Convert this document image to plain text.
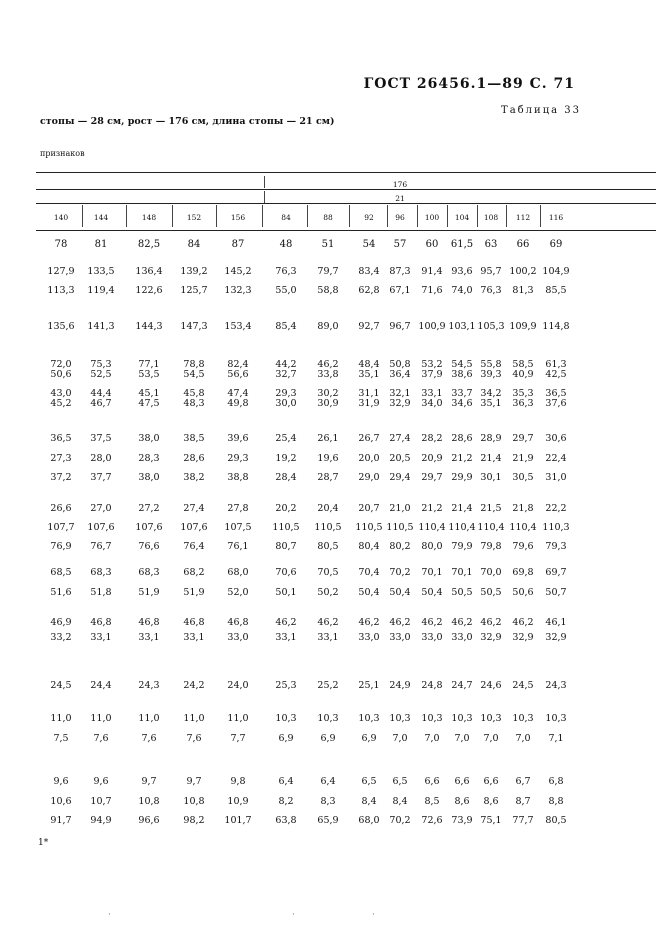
ГОСТ 26456.1—89 С. 71
Таблица 33
стопы — 28 см, рост — 176 см, длина стопы — 21 см)
признаков
176
21
140	144	148	152	156	84	88	92	96	100 104 108 112 116
78	81	82,5	84	87	48	51	54 57 60 61,5 63 66 69
127,9 133,5 136,4 139,2 145,2	76,3 79,7 83,4 87,3 91,4 93,6 95,7 100,2 104,9
113,3 119,4 122,6 125,7 132,3	55,0 58,8 62,8 67,1 71,6 74,0 76,3 81,3 85,5
135,6 141,3 144,3 147,3 153,4	85,4 89,0 92,7 96,7 100,9 103,1 105,3 109,9 114,8
72,0 75,3	77,1	78,8 82,4	44,2 46,2 48,4 50,8 53,2 54,5 55,8 58,5 61,3
50,6 52,5	53,5	54,5 56,6	32,7 33,8 35,1 36,4 37,9 38,6 39,3 40,9 42,5
43,0 44,4	45,1	45,8 47,4	29,3 30,2 31,1 32,1 33,1 33,7 34,2 35,3 36,5
45,2 46,7	47,5	48,3 49,8	30,0 30,9 31,9 32,9 34,0 34,6 35,1 36,3 37,6
36,5 37,5	38,0	38,5 39,6	25,4 26,1 26,7 27,4 28,2 28,6 28,9 29,7 30,6
27,3 28,0	28,3	28,6 29,3	19,2 19,6 20,0 20,5 20,9 21,2 21,4 21,9 22,4
37,2 37,7	38,0	38,2 38,8	28,4 28,7 29,0 29,4 29,7 29,9 30,1 30,5 31,0
26,6 27,0	27,2	27,4 27,8	20,2 20,4 20,7 21,0 21,2 21,4 21,5 21,8 22,2
107,7 107,6 107,6 107,6 107,5 110,5 110,5 110,5 110,5 110,4 110,4 110,4 110,4 110,3
76,9 76,7	76,6	76,4 76,1	80,7 80,5 80,4 80,2 80,0 79,9 79,8 79,6 79,3
68,5 68,3	68,3	68,2 68,0	70,6 70,5 70,4 70,2 70,1 70,1 70,0 69,8 69,7
51,6 51,8	51,9	51,9 52,0	50,1 50,2 50,4 50,4 50,4 50,5 50,5 50,6 50,7
46,9 46,8	46,8	46,8 46,8	46,2 46,2 46,2 46,2 46,2 46,2 46,2 46,2 46,1
33,2 33,1	33,1	33,1 33,0	33,1 33,1 33,0 33,0 33,0 33,0 32,9 32,9 32,9
24,5 24,4	24,3	24,2 24,0	25,3 25,2 25,1 24,9 24,8 24,7 24,6 24,5 24,3
11,0 11,0	11,0	11,0 11,0	10,3 10,3 10,3 10,3 10,3 10,3 10,3 10,3 10,3
7,5	7,6	7,6	7,6	7,7	6,9	6,9	6,9 7,0 7,0 7,0 7,0 7,0 7,1
9,6	9,6	9,7	9,7	9,8	6,4	6,4	6,5 6,5 6,6 6,6 6,6 6,7 6,8
10,6 10,7	10,8	10,8 10,9	8,2	8,3	8,4 8,4 8,5 8,6 8,6 8,7 8,8
91,7 94,9	96,6	98,2 101,7	63,8 65,9 68,0 70,2 72,6 73,9 75,1 77,7 80,5
1*
·	·	·
